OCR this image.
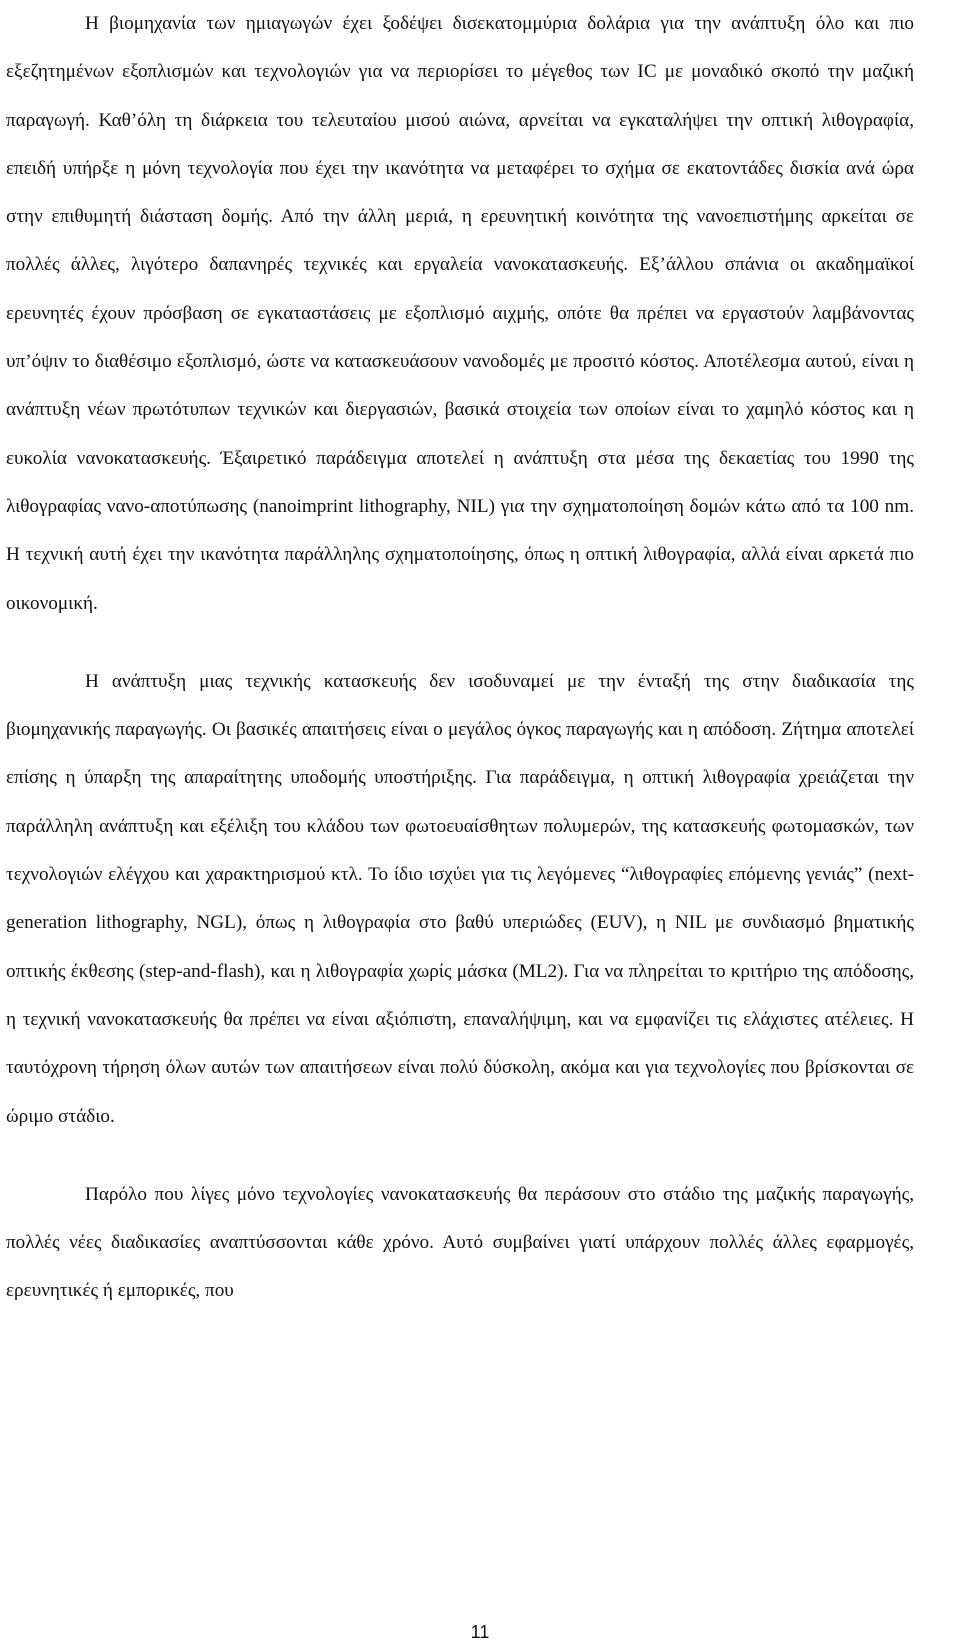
Η βιομηχανία των ημιαγωγών έχει ξοδέψει δισεκατομμύρια δολάρια για την ανάπτυξη όλο και πιο εξεζητημένων εξοπλισμών και τεχνολογιών για να περιορίσει το μέγεθος των IC με μοναδικό σκοπό την μαζική παραγωγή. Καθ’όλη τη διάρκεια του τελευταίου μισού αιώνα, αρνείται να εγκαταλήψει την οπτική λιθογραφία, επειδή υπήρξε η μόνη τεχνολογία που έχει την ικανότητα να μεταφέρει το σχήμα σε εκατοντάδες δισκία ανά ώρα στην επιθυμητή διάσταση δομής. Από την άλλη μεριά, η ερευνητική κοινότητα της νανοεπιστήμης αρκείται σε πολλές άλλες, λιγότερο δαπανηρές τεχνικές και εργαλεία νανοκατασκευής. Εξ’άλλου σπάνια οι ακαδημαϊκοί ερευνητές έχουν πρόσβαση σε εγκαταστάσεις με εξοπλισμό αιχμής, οπότε θα πρέπει να εργαστούν λαμβάνοντας υπ’όψιν το διαθέσιμο εξοπλισμό, ώστε να κατασκευάσουν νανοδομές με προσιτό κόστος. Αποτέλεσμα αυτού, είναι η ανάπτυξη νέων πρωτότυπων τεχνικών και διεργασιών, βασικά στοιχεία των οποίων είναι το χαμηλό κόστος και η ευκολία νανοκατασκευής. Έξαιρετικό παράδειγμα αποτελεί η ανάπτυξη στα μέσα της δεκαετίας του 1990 της λιθογραφίας νανο-αποτύπωσης (nanoimprint lithography, NIL) για την σχηματοποίηση δομών κάτω από τα 100 nm. Η τεχνική αυτή έχει την ικανότητα παράλληλης σχηματοποίησης, όπως η οπτική λιθογραφία, αλλά είναι αρκετά πιο οικονομική.

Η ανάπτυξη μιας τεχνικής κατασκευής δεν ισοδυναμεί με την ένταξή της στην διαδικασία της βιομηχανικής παραγωγής. Οι βασικές απαιτήσεις είναι ο μεγάλος όγκος παραγωγής και η απόδοση. Ζήτημα αποτελεί επίσης η ύπαρξη της απαραίτητης υποδομής υποστήριξης. Για παράδειγμα, η οπτική λιθογραφία χρειάζεται την παράλληλη ανάπτυξη και εξέλιξη του κλάδου των φωτοευαίσθητων πολυμερών, της κατασκευής φωτομασκών, των τεχνολογιών ελέγχου και χαρακτηρισμού κτλ. Το ίδιο ισχύει για τις λεγόμενες “λιθογραφίες επόμενης γενιάς” (next-generation lithography, NGL), όπως η λιθογραφία στο βαθύ υπεριώδες (EUV), η NIL με συνδιασμό βηματικής οπτικής έκθεσης (step-and-flash), και η λιθογραφία χωρίς μάσκα (ML2). Για να πληρείται το κριτήριο της απόδοσης, η τεχνική νανοκατασκευής θα πρέπει να είναι αξιόπιστη, επαναλήψιμη, και να εμφανίζει τις ελάχιστες ατέλειες. Η ταυτόχρονη τήρηση όλων αυτών των απαιτήσεων είναι πολύ δύσκολη, ακόμα και για τεχνολογίες που βρίσκονται σε ώριμο στάδιο.

Παρόλο που λίγες μόνο τεχνολογίες νανοκατασκευής θα περάσουν στο στάδιο της μαζικής παραγωγής, πολλές νέες διαδικασίες αναπτύσσονται κάθε χρόνο. Αυτό συμβαίνει γιατί υπάρχουν πολλές άλλες εφαρμογές, ερευνητικές ή εμπορικές, που

11
